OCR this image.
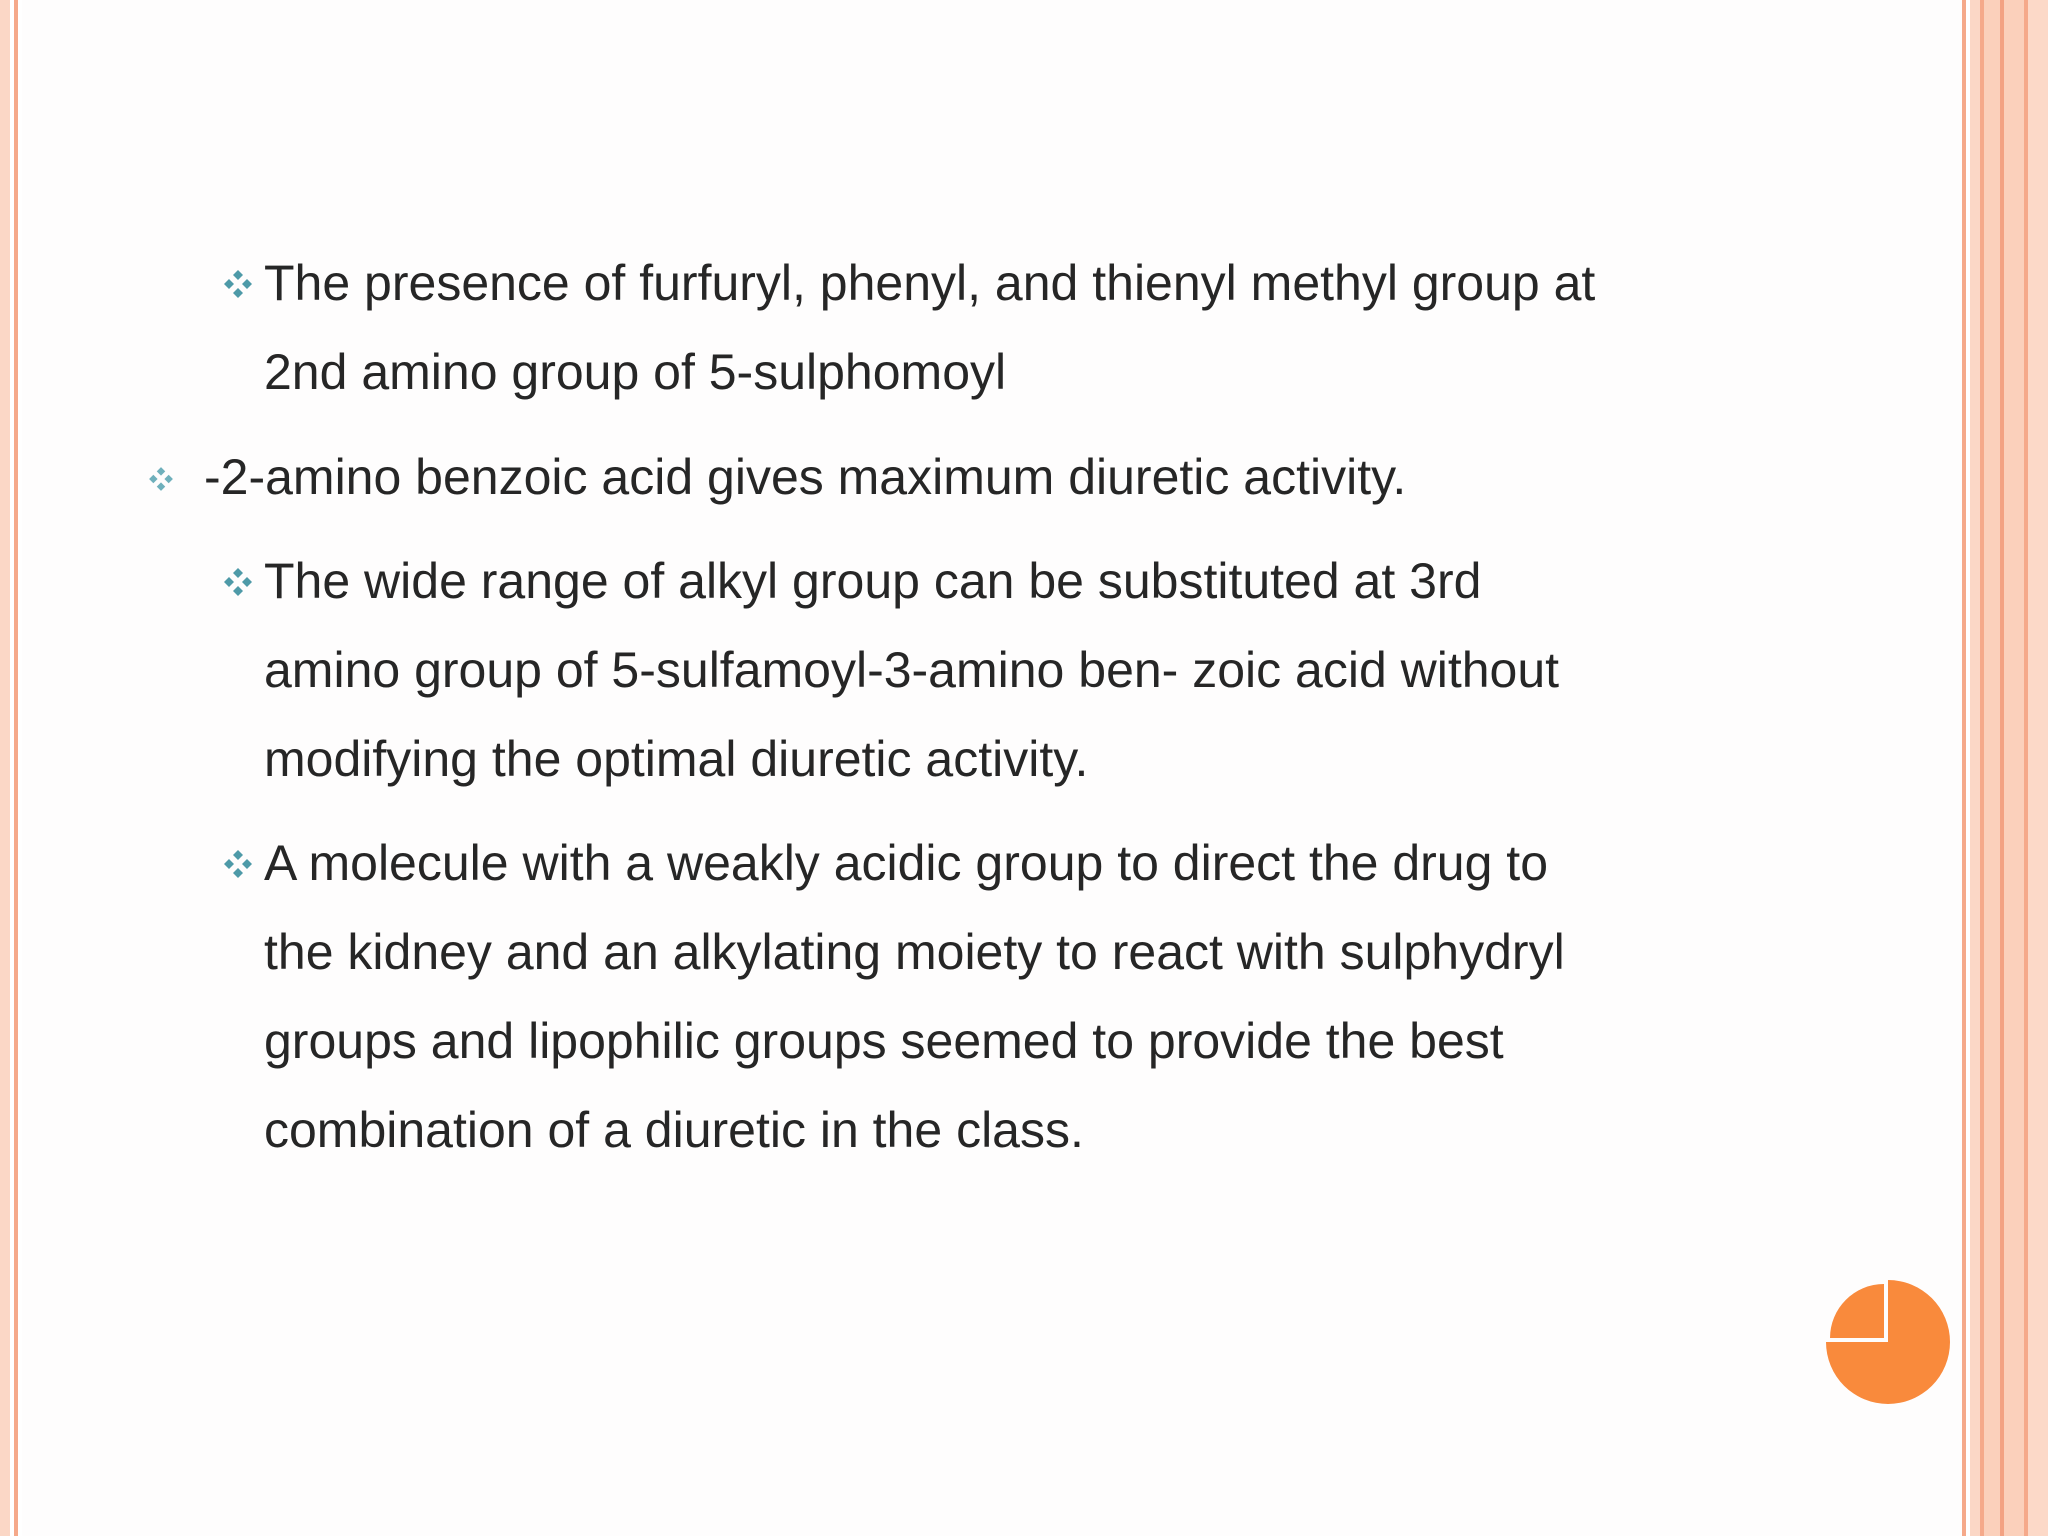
The presence of furfuryl, phenyl, and thienyl methyl group at

2nd amino group of 5-sulphomoyl

-2-amino benzoic acid gives maximum diuretic activity.

The wide range of alkyl group can be substituted at 3rd

amino group of 5-sulfamoyl-3-amino ben- zoic acid without

modifying the optimal diuretic activity.

A molecule with a weakly acidic group to direct the drug to

the kidney and an alkylating moiety to react with sulphydryl

groups and lipophilic groups seemed to provide the best

combination of a diuretic in the class.
